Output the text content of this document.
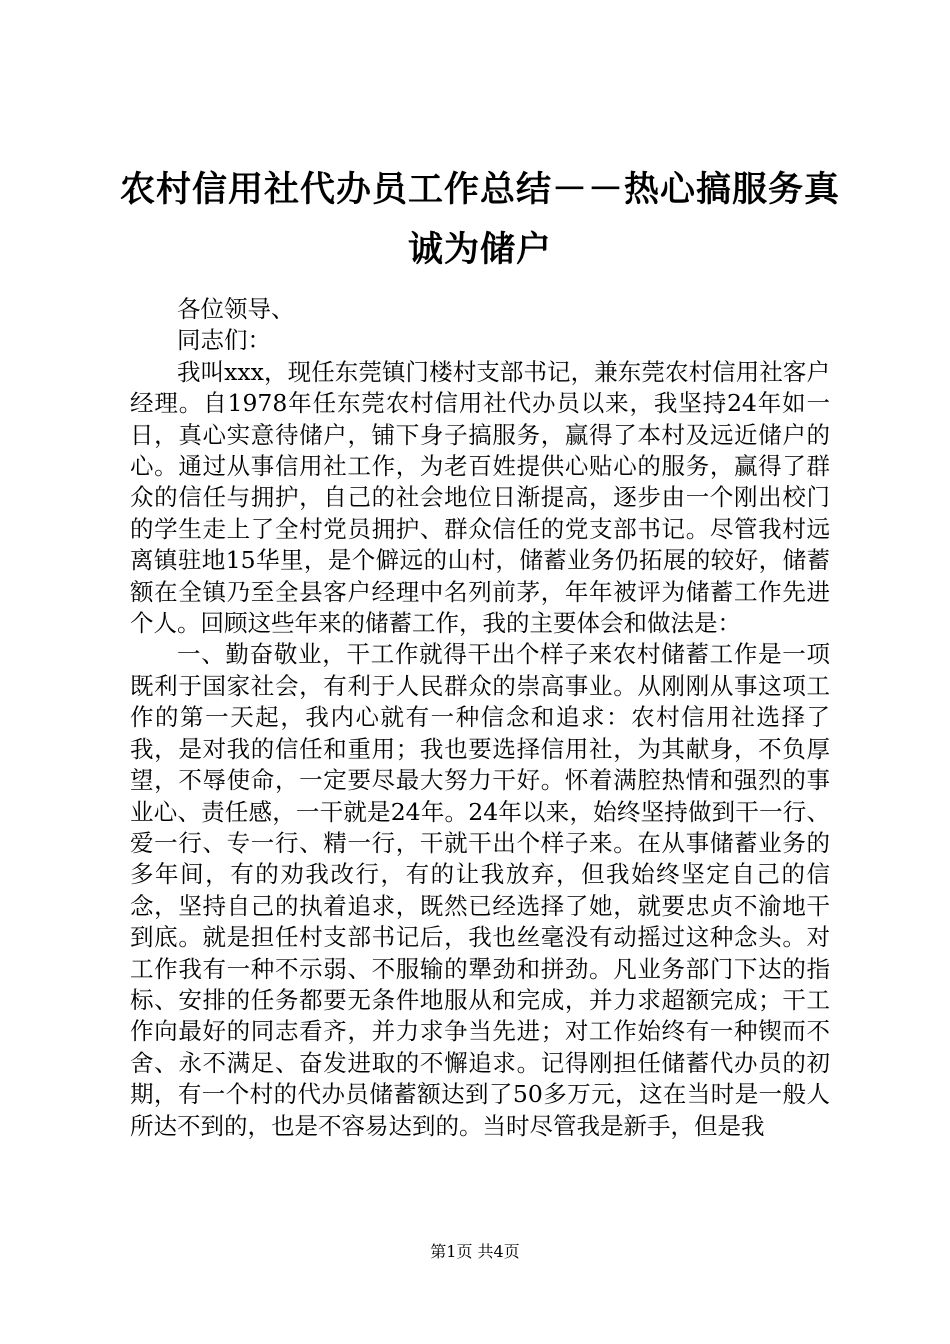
农村信用社代办员工作总结－－热心搞服务真诚为储户

各位领导、

同志们：

我叫xxx，现任东莞镇门楼村支部书记，兼东莞农村信用社客户经理。自1978年任东莞农村信用社代办员以来，我坚持24年如一日，真心实意待储户，铺下身子搞服务，赢得了本村及远近储户的心。通过从事信用社工作，为老百姓提供心贴心的服务，赢得了群众的信任与拥护，自己的社会地位日渐提高，逐步由一个刚出校门的学生走上了全村党员拥护、群众信任的党支部书记。尽管我村远离镇驻地15华里，是个僻远的山村，储蓄业务仍拓展的较好，储蓄额在全镇乃至全县客户经理中名列前茅，年年被评为储蓄工作先进个人。回顾这些年来的储蓄工作，我的主要体会和做法是：

一、勤奋敬业，干工作就得干出个样子来农村储蓄工作是一项既利于国家社会，有利于人民群众的崇高事业。从刚刚从事这项工作的第一天起，我内心就有一种信念和追求：农村信用社选择了我，是对我的信任和重用；我也要选择信用社，为其献身，不负厚望，不辱使命，一定要尽最大努力干好。怀着满腔热情和强烈的事业心、责任感，一干就是24年。24年以来，始终坚持做到干一行、爱一行、专一行、精一行，干就干出个样子来。在从事储蓄业务的多年间，有的劝我改行，有的让我放弃，但我始终坚定自己的信念，坚持自己的执着追求，既然已经选择了她，就要忠贞不渝地干到底。就是担任村支部书记后，我也丝毫没有动摇过这种念头。对工作我有一种不示弱、不服输的犟劲和拼劲。凡业务部门下达的指标、安排的任务都要无条件地服从和完成，并力求超额完成；干工作向最好的同志看齐，并力求争当先进；对工作始终有一种锲而不舍、永不满足、奋发进取的不懈追求。记得刚担任储蓄代办员的初期，有一个村的代办员储蓄额达到了50多万元，这在当时是一般人所达不到的，也是不容易达到的。当时尽管我是新手，但是我

第1页 共4页
